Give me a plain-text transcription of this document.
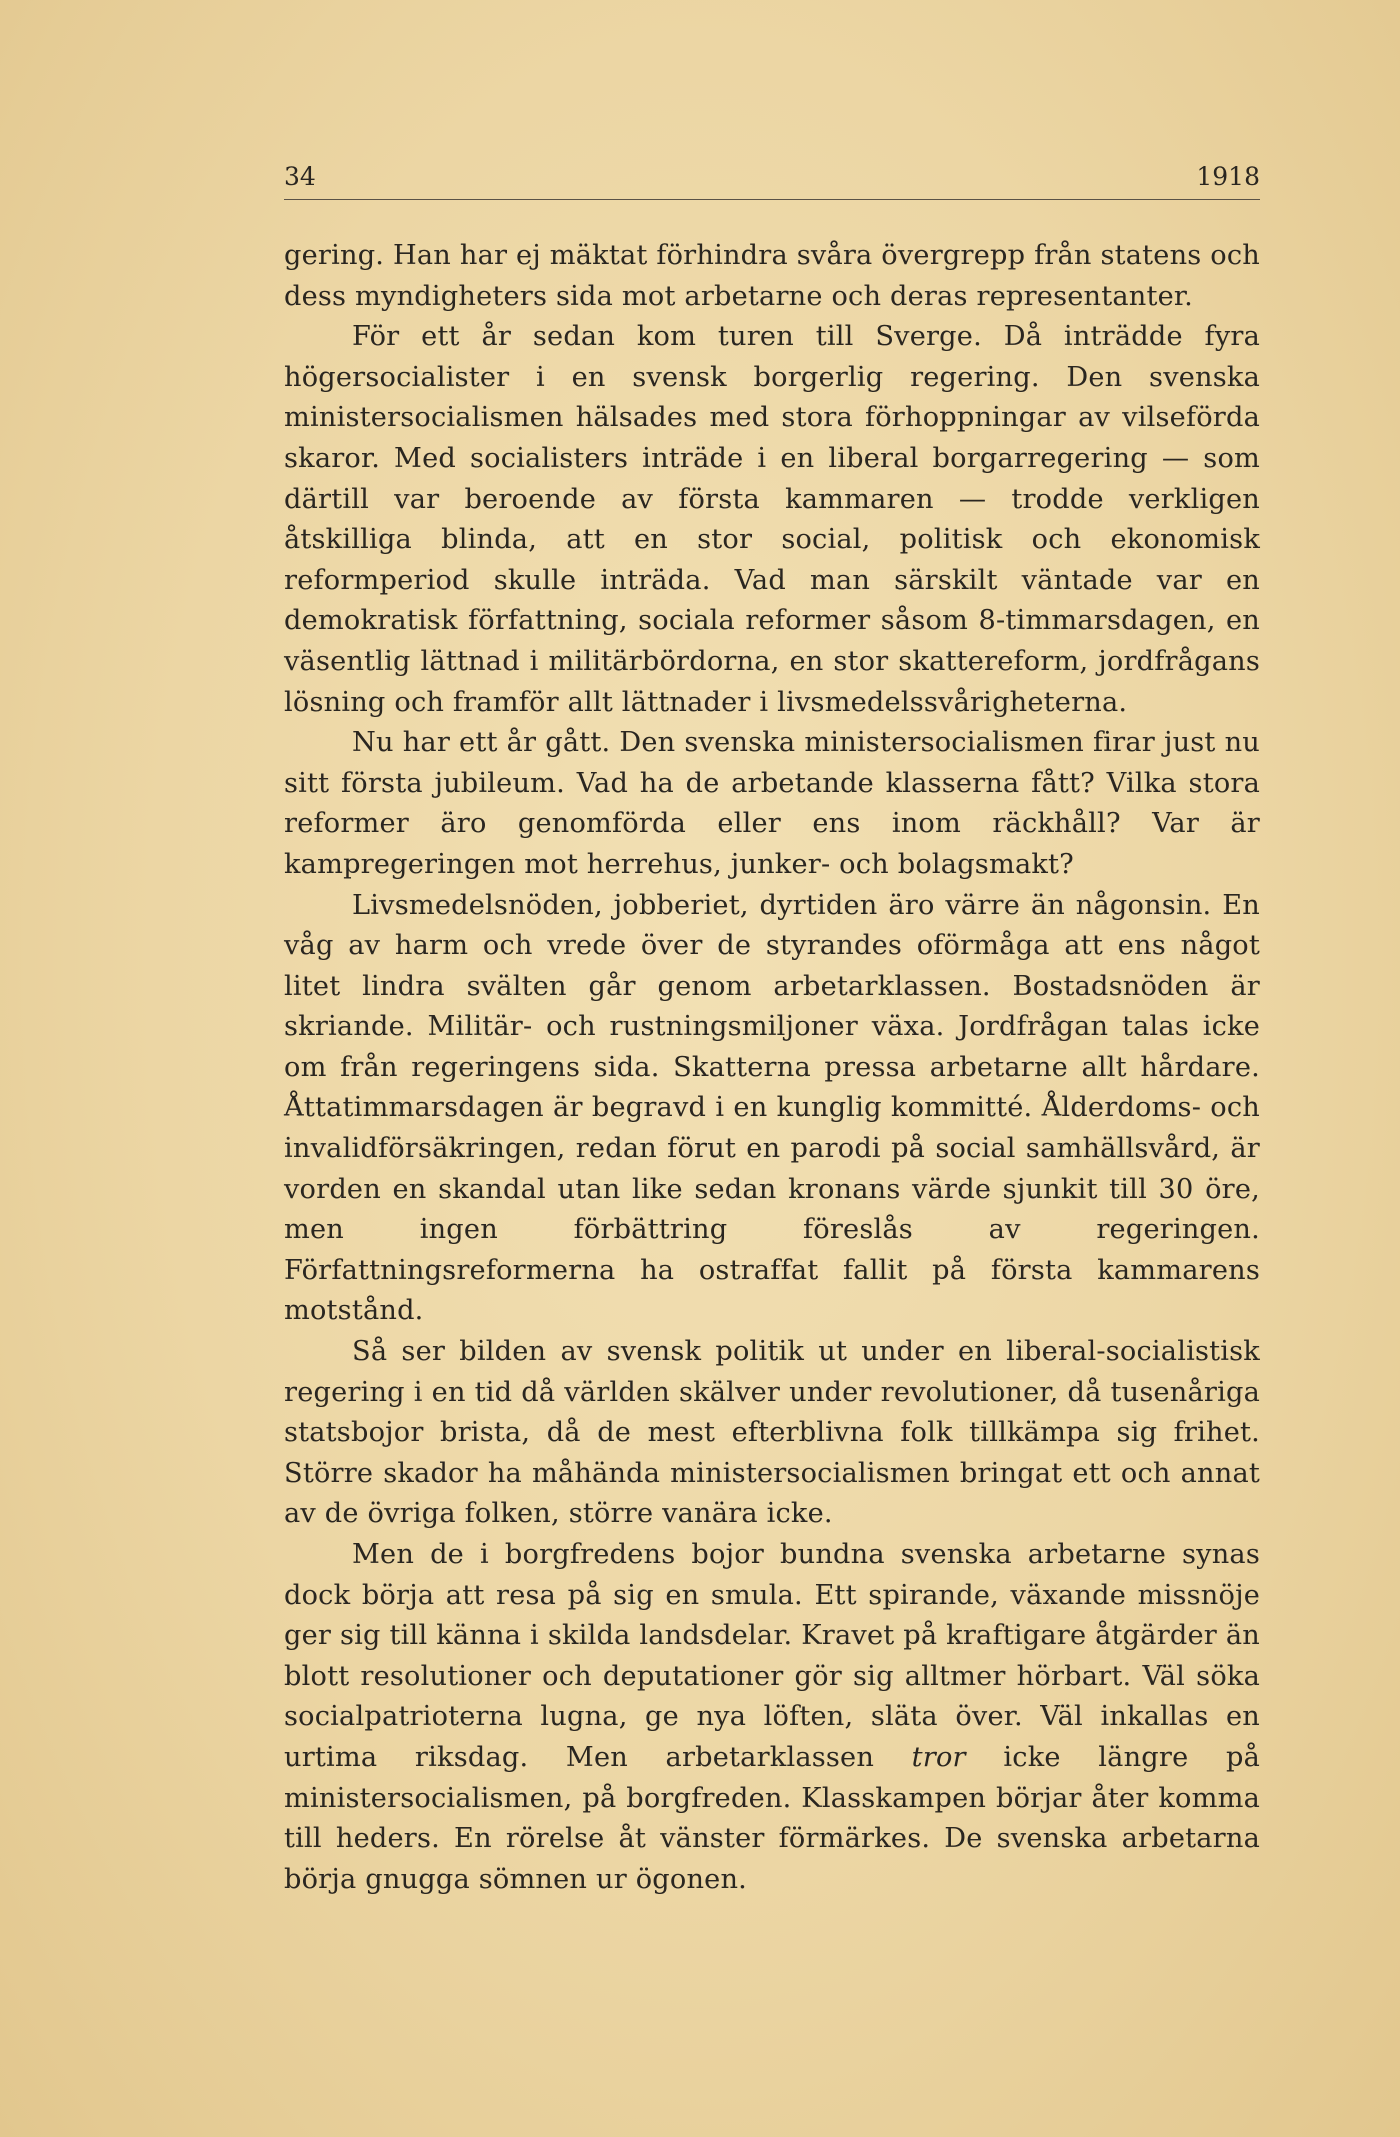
34	1918

gering. Han har ej mäktat förhindra svåra övergrepp från statens och dess myndigheters sida mot arbetarne och deras representanter.

För ett år sedan kom turen till Sverge. Då inträdde fyra högersocialister i en svensk borgerlig regering. Den svenska ministersocialismen hälsades med stora förhoppningar av vilseförda skaror. Med socialisters inträde i en liberal borgarregering — som därtill var beroende av första kammaren — trodde verkligen åtskilliga blinda, att en stor social, politisk och ekonomisk reformperiod skulle inträda. Vad man särskilt väntade var en demokratisk författning, sociala reformer såsom 8-timmarsdagen, en väsentlig lättnad i militärbördorna, en stor skattereform, jordfrågans lösning och framför allt lättnader i livsmedelssvårigheterna.

Nu har ett år gått. Den svenska ministersocialismen firar just nu sitt första jubileum. Vad ha de arbetande klasserna fått? Vilka stora reformer äro genomförda eller ens inom räckhåll? Var är kampregeringen mot herrehus, junker- och bolagsmakt?

Livsmedelsnöden, jobberiet, dyrtiden äro värre än någonsin. En våg av harm och vrede över de styrandes oförmåga att ens något litet lindra svälten går genom arbetarklassen. Bostadsnöden är skriande. Militär- och rustningsmiljoner växa. Jordfrågan talas icke om från regeringens sida. Skatterna pressa arbetarne allt hårdare. Åttatimmarsdagen är begravd i en kunglig kommitté. Ålderdoms- och invalidförsäkringen, redan förut en parodi på social samhällsvård, är vorden en skandal utan like sedan kronans värde sjunkit till 30 öre, men ingen förbättring föreslås av regeringen. Författningsreformerna ha ostraffat fallit på första kammarens motstånd.

Så ser bilden av svensk politik ut under en liberal-socialistisk regering i en tid då världen skälver under revolutioner, då tusenåriga statsbojor brista, då de mest efterblivna folk tillkämpa sig frihet. Större skador ha måhända ministersocialismen bringat ett och annat av de övriga folken, större vanära icke.

Men de i borgfredens bojor bundna svenska arbetarne synas dock börja att resa på sig en smula. Ett spirande, växande missnöje ger sig till känna i skilda landsdelar. Kravet på kraftigare åtgärder än blott resolutioner och deputationer gör sig alltmer hörbart. Väl söka socialpatrioterna lugna, ge nya löften, släta över. Väl inkallas en urtima riksdag. Men arbetarklassen tror icke längre på ministersocialismen, på borgfreden. Klasskampen börjar åter komma till heders. En rörelse åt vänster förmärkes. De svenska arbetarna börja gnugga sömnen ur ögonen.
